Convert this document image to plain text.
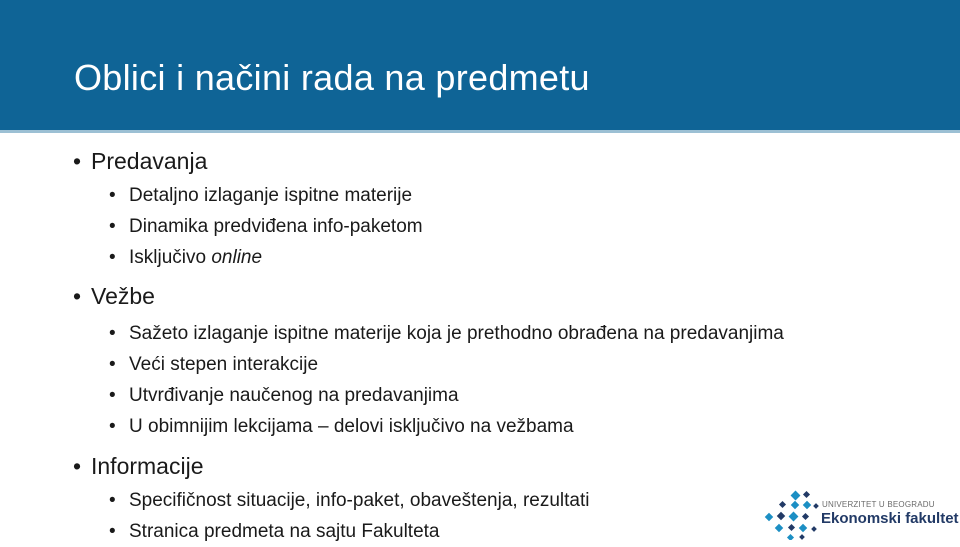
Oblici i načini rada na predmetu
• Predavanja
• Detaljno izlaganje ispitne materije
• Dinamika predviđena info-paketom
• Isključivo online
• Vežbe
• Sažeto izlaganje ispitne materije koja je prethodno obrađena na predavanjima
• Veći stepen interakcije
• Utvrđivanje naučenog na predavanjima
• U obimnijim lekcijama – delovi isključivo na vežbama
• Informacije
• Specifičnost situacije, info-paket, obaveštenja, rezultati
• Stranica predmeta na sajtu Fakulteta
UNIVERZITET U BEOGRADU
Ekonomski fakultet
